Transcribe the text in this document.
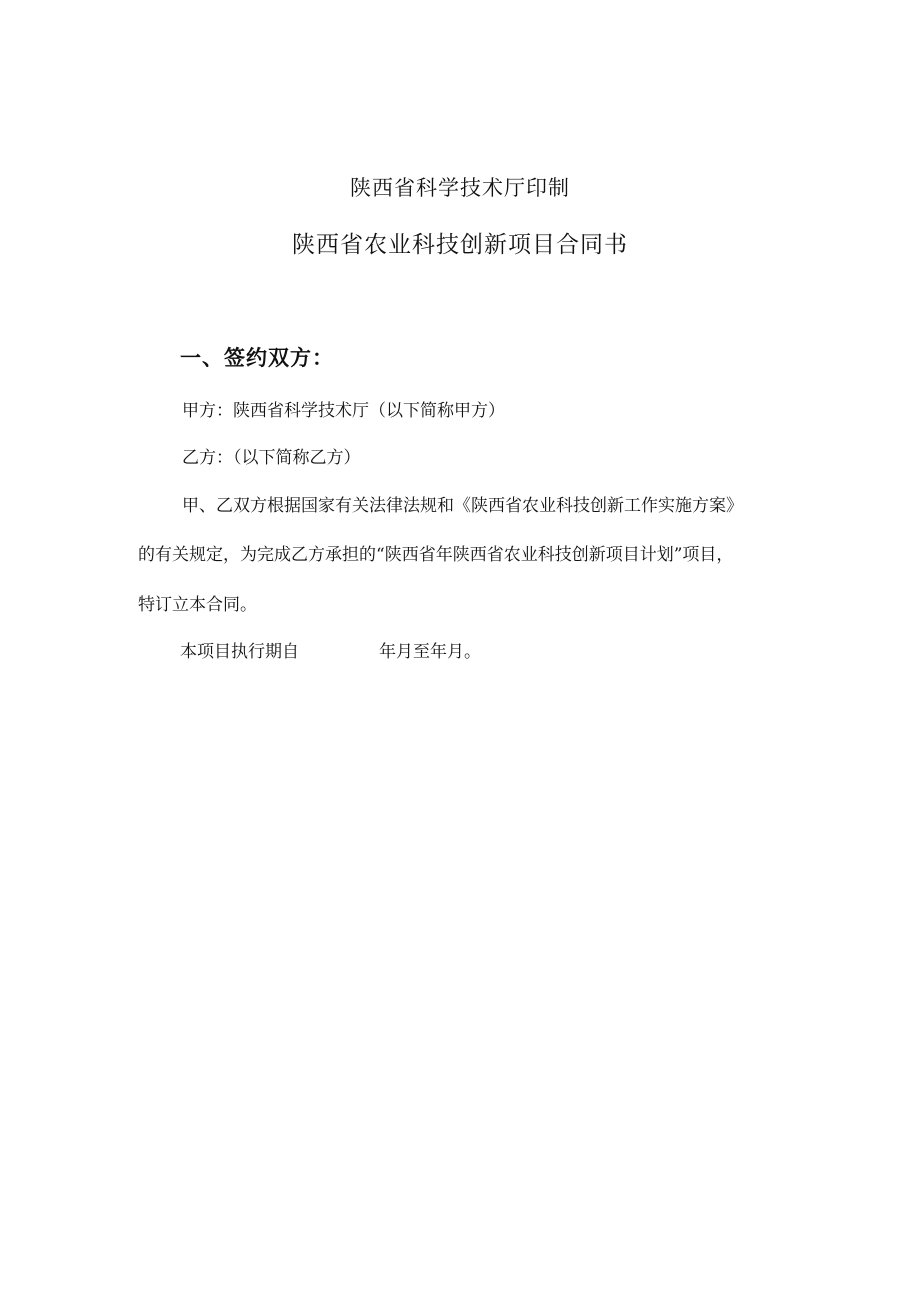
陕西省科学技术厅印制
陕西省农业科技创新项目合同书
一、签约双方：
甲方：陕西省科学技术厅（以下简称甲方）
乙方：（以下简称乙方）
甲、乙双方根据国家有关法律法规和《陕西省农业科技创新工作实施方案》
的有关规定，为完成乙方承担的“陕西省年陕西省农业科技创新项目计划”项目，
特订立本合同。
本项目执行期自	年月至年月。
